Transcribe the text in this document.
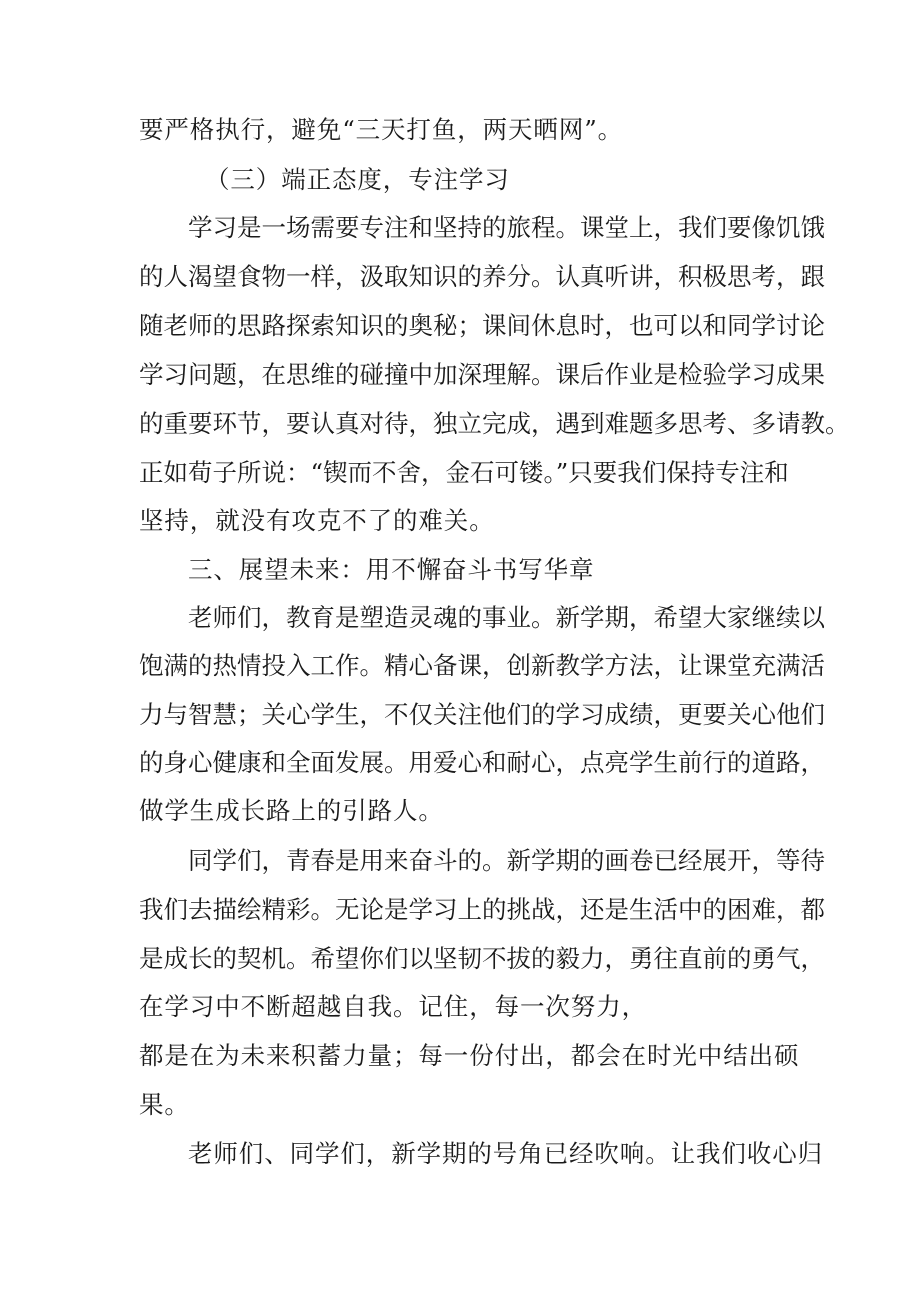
要严格执行，避免“三天打鱼，两天晒网”。

（三）端正态度，专注学习

学习是一场需要专注和坚持的旅程。课堂上，我们要像饥饿

的人渴望食物一样，汲取知识的养分。认真听讲，积极思考，跟

随老师的思路探索知识的奥秘；课间休息时，也可以和同学讨论

学习问题，在思维的碰撞中加深理解。课后作业是检验学习成果

的重要环节，要认真对待，独立完成，遇到难题多思考、多请教。

正如荀子所说：“锲而不舍，金石可镂。”只要我们保持专注和

坚持，就没有攻克不了的难关。

三、展望未来：用不懈奋斗书写华章

老师们，教育是塑造灵魂的事业。新学期，希望大家继续以

饱满的热情投入工作。精心备课，创新教学方法，让课堂充满活

力与智慧；关心学生，不仅关注他们的学习成绩，更要关心他们

的身心健康和全面发展。用爱心和耐心，点亮学生前行的道路，

做学生成长路上的引路人。

同学们，青春是用来奋斗的。新学期的画卷已经展开，等待

我们去描绘精彩。无论是学习上的挑战，还是生活中的困难，都

是成长的契机。希望你们以坚韧不拔的毅力，勇往直前的勇气，

在学习中不断超越自我。记住，每一次努力，

都是在为未来积蓄力量；每一份付出，都会在时光中结出硕

果。

老师们、同学们，新学期的号角已经吹响。让我们收心归
